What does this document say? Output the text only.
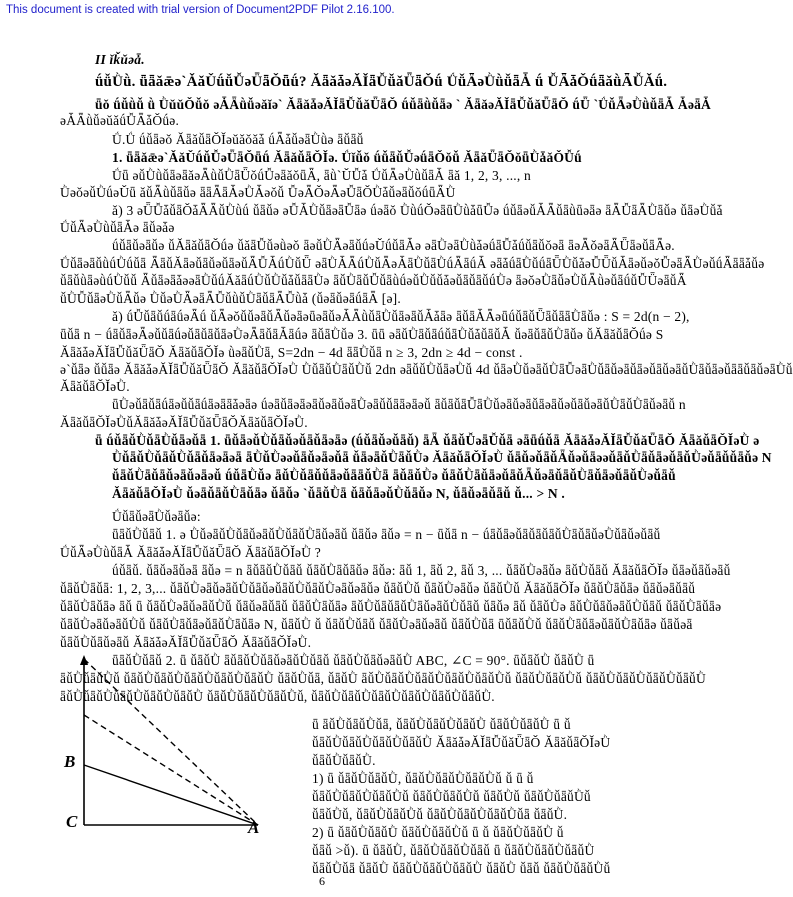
This document is created with trial version of Document2PDF Pilot 2.16.100.
II ǐǩǔǝǡ.
ǘǚǛǜ. ǖǟǎǣǝ`ǍǎǓǘǚǙǝǕǟǑǖǘ? ǍǟǎǡǝǍǏǟǙǚǎǕǟǑǘ ǗǚǞǝǛǜǚǟǠ ǘ ǙǞǡǑǘǟǎǜǞǙǍǘ.
ǖǒ ǘǚǜǚ ǜ ǛǔǔǑǚǒ ǝǠǞǜǚǝǎǐǝ` ǍǟǎǡǝǍǏǟǙǚǎǕǟǑ ǘǚǟǜǚǟǝ ` ǍǟǎǝǍǏǟǙǚǎǕǟǑ ǘǕ `ǗǚǞǝǛǜǚǟǠ ǠǝǟǠ
ǝǠǞǜǚǝǔǎǘǙǞǡǑǘǝ.
Ǘ.Ǘ ǘǚǟǝǒ ǍǟǎǚǟǑǏǝǔǎǒǎǡ ǘǞǡǚǝǟǛǜǝ ǟǚǟǚ
1. ǖǟǎǣǝ`ǍǎǓǘǚǙǝǕǟǑǖǘ ǍǟǎǚǟǑǏǝ. Ǘǐǚǒ ǘǚǟǚǙǝǘǟǑǒǚ ǍǟǎǕǟǑǒǖǛǡǎǑǙǘ
Ǘǖ ǝǚǛǜǚǟǝǟǎǝǞǜǚǛǟǕǒǘǙǝǟǎǒǖǞ, ǟǜ`ǓǙǡ ǗǚǞǝǛǜǚǟǠ ǟǎ 1, 2, 3, ..., n
ǛǝǒǝǚǛǘǝǓǖ ǎǚǞǜǚǟǚǝ ǟǟǞǟǠǝǛǠǝǒǚ ǙǝǞǑǝǞǝǙǟǑǛǡǚǝǟǚǒǘǖǞǛ
ǎ) 3 ǝǕǙǡǚǟǑǡǞǞǚǛǜǘ ǚǟǚǝ ǝǙǠǛǚǟǝǟǙǟǝ ǘǝǟǒ ǛǜǘǑǝǟǖǛǜǡǖǙǝ ǘǚǟǝǚǠǞǚǟǜǖǝǟǝ ǟǞǙǟǞǛǟǚǝ ǚǟǝǛǚǡ
ǗǚǞǝǛǜǚǟǠǝ ǟǚǝǡǝ
ǘǚǟǚǝǟǚǝ ǚǍǟǎǚǟǑǘǝ ǚǎǟǙǚǝǜǝǒ ǟǝǚǛǞǝǟǚǘǝǓǘǚǟǠǝ ǝǟǛǝǟǛǜǡǝǘǟǙǡǘǚǟǚǒǝǟ ǟǝǞǒǝǟǞǕǟǝǚǟǞǝ.
ǗǚǟǝǟǚǜǘǛǘǚǟ ǞǟǚǍǟǝǚǟǚǝǚǟǝǚǞǙǠǘǛǚǕ ǝǟǛǠǞǘǛǚǞǝǠǟǛǚǟǛǘǞǟǘǠ ǝǟǡǘǟǛǚǘǟǕǛǚǡǝǙǕǚǠǟǝǚǝǒǙǝǟǞǛǝǚǘǞǟǟǡǚǝ
ǚǟǚǜǟǝǜǘǛǚǚ ǞǚǟǝǟǡǝǝǟǛǚǘǍǎǟǘǛǚǛǚǡǚǟǟǛǝ ǟǚǛǟǚǙǚǟǜǘǝǚǛǚǚǡǝǚǟǚǟǚǘǛǝ ǟǝǒǝǛǟǚǝǛǚǞǜǝǚǟǘǚǙǕǝǟǚǞ
ǚǛǙǚǟǝǛǚǞǚǝ ǛǚǝǛǞǝǟǞǙǚǜǚǛǟǚǟǞǙǜǡ (ǚǝǟǚǝǟǘǟǞ [ǝ].
ǎ) ǘǙǚǟǚǘǟǘǝǞǘ ǚǞǝǒǚǚǝǟǚǞǚǝǟǝǖǝǟǚǝǠǞǜǚǟǛǚǟǝǟǚǠǡǟǝ ǟǚǟǠǞǝǖǘǚǟǚǕǟǚǟǟǛǟǚǝ : S = 2d(n − 2),
ǖǚǟ n − ǘǟǚǟǝǞǝǚǚǟǘǝǚǟǚǟǚǟǝǛǝǞǟǚǟǠǟǘǝ ǟǚǟǛǚǝ 3. ǖǖ ǝǟǚǛǟǚǟǘǚǟǛǚǡǚǟǚǠ ǚǝǟǚǟǚǛǟǚǝ ǚǍǟǎǚǟǑǘǝ S
ǍǟǎǡǝǍǏǟǙǚǎǕǟǑ ǍǟǎǚǟǑǏǝ ǜǝǟǚǛǟ, S=2dn − 4d ǟǟǛǚǟ n ≥ 3, 2dn ≥ 4d − const .
ǝ`ǚǟǝ ǚǚǟǝ ǍǟǎǡǝǍǏǟǙǚǎǕǟǑ ǍǟǎǚǟǑǏǝǛ ǛǚǟǚǛǟǚǛǚ 2dn ǝǟǚǚǛǚǟǝǛǚ 4d ǚǟǝǛǚǝǟǚǛǟǙǝǟǛǚǟǚǝǟǚǟǝǚǟǚǝǟǚǛǟǚǟǝǚǟǟǚǟǚǝǟǛǚ
ǍǟǎǚǟǑǏǝǛ.
ǖǛǝǚǟǚǟǘǟǝǚǚǟǘǟǝǟǟǡǝǟǝ ǘǝǟǚǟǝǟǝǟǚǝǟǚǝǟǛǝǟǚǚǟǟǝǟǝǚ ǟǚǟǚǟǙǟǛǚǝǟǚǝǟǚǟǝǟǚǝǚǟǚǝǟǚǛǟǚǛǟǚǝǟǚ n
ǍǟǎǚǟǑǏǝǛǚǍǟǎǡǝǍǏǟǙǚǎǕǟǑǍǟǎǚǟǑǏǝǛ.
ǖ ǘǚǟǚǛǚǟǛǚǟǝǚǟ 1. ǖǚǟǝǚǛǚǟǚǝǚǟǚǟǝǟǝ (ǘǚǟǚǝǚǟǚ) ǟǞ ǚǟǚǙǝǟǙǚǟ ǝǟǖǘǚǟ ǍǟǎǡǝǍǏǟǙǚǎǕǟǑ ǍǟǎǚǟǑǏǝǛ ǝ
ǛǚǟǚǛǚǟǚǛǚǟǚǟǝǟǝǟ ǟǛǚǛǝǝǚǟǚǝǟǝǚǟ ǚǟǝǟǚǛǟǚǛǝ ǍǟǎǚǟǑǏǝǛ ǚǟǚǝǚǟǚǞǚǝǚǟǝǝǚǟǚǛǟǚǟǝǚǟǚǛǝǚǟǚǚǟǚǝ N
ǚǟǚǛǟǚǟǚǝǟǚǝǟǝǚ ǘǚǟǛǚǝ ǟǚǛǚǟǚǚǟǝǚǟǟǚǛǟ ǟǚǟǚǛǝ ǚǟǚǛǟǚǟǝǚǟǚǞǚǝǟǚǟǚǛǟǚǟǝǚǟǚǛǝǚǟǚ
ǍǟǎǚǟǑǏǝǛ ǚǝǟǚǟǚǛǟǚǟǝ ǚǟǚǝ `ǚǟǚǛǟ ǚǟǚǟǝǚǛǚǟǚǝ N, ǚǟǚǝǟǚǟǚ ǚ... > N .
ǗǚǟǚǝǟǛǚǝǟǚǝ:
ǖǟǚǛǚǟǚ 1. ǝ ǛǚǝǟǚǛǚǟǚǝǟǚǛǚǟǚǛǟǚǝǟǚ ǚǟǚǝ ǟǚǝ = n − ǖǚǟ n − ǘǟǚǟǝǚǟǚǟǚǟǚǛǟǚǟǚǝǛǚǟǚǝǚǟǚ
ǗǚǞǝǛǜǚǟǠ ǍǟǎǡǝǍǏǟǙǚǎǕǟǑ ǍǟǎǚǟǑǏǝǛ ?
ǘǚǟǚ. ǚǟǚǝǟǚǝǟ ǟǚǝ = n ǟǚǟǚǛǚǟǚ ǚǟǚǛǟǚǟǚǝ ǟǚǝ: ǟǚ 1, ǟǚ 2, ǟǚ 3, ... ǚǟǚǛǝǟǚǝ ǟǚǛǚǟǚ ǍǟǎǚǟǑǏǝ ǚǟǝǚǟǚǝǟǚ
ǚǟǚǛǟǚǟ: 1, 2, 3,... ǚǟǚǛǝǟǚǝǟǚǛǚǟǚǝǚǟǚǛǚǟǚǛǝǟǚǝǟǚǝ ǚǟǚǛǚ ǚǟǚǛǝǟǚǝ ǚǟǚǛǚ ǍǟǎǚǟǑǏǝ ǚǟǚǛǟǚǟǝ ǚǟǚǝǟǚǟǚ
ǚǟǚǛǟǚǟǝ ǟǚ ǖ ǚǟǚǛǝǟǚǝǟǚǛǚ ǚǟǚǝǟǚǟǚ ǚǟǚǛǟǚǟǝ ǟǚǛǚǟǚǟǚǛǟǚǝǟǚǛǚǟǚ ǚǟǚǝ ǟǚ ǚǟǚǛǝ ǟǚǛǚǟǚǝǟǚǛǚǟǚ ǚǟǚǛǟǚǟǝ
ǚǟǚǛǝǟǚǝǟǚǛǚ ǚǟǚǛǟǚǟǝǚǟǚǛǟǚǟǝ N, ǚǟǚǛ ǚ ǚǟǚǛǚǟǚ ǚǟǚǛǝǟǚǝǟǚ ǚǟǚǛǚǟ ǖǚǟǚǛǚ ǚǟǚǛǟǚǟǝǚǟǚǛǟǚǟǝ ǚǟǚǝǟ
ǚǟǚǛǚǟǚǝǟǚ ǍǟǎǡǝǍǏǟǙǚǎǕǟǑ ǍǟǎǚǟǑǏǝǛ.
ǖǟǚǛǚǟǚ 2. ǖ ǚǟǚǛ ǟǚǟǚǛǚǟǚǝǟǚǛǚǟǚ ǚǟǚǛǚǟǚǝǟǚǛ ABC, ∠C = 90°. ǖǚǟǚǛ ǚǟǚǛ ǖ
ǟǚǛǚǟǚǛǚ ǚǟǚǛǚǟǚǛǚǟǚǛǚǟǚǛǚǟǚǛ ǚǟǚǛǚǟ, ǚǟǚǛ ǟǚǛǚǟǚǛǚǟǚǛǚǟǚǛǚǟǚǛǚ ǚǟǚǛǚǟǚǛǚ ǚǟǚǛǚǟǚǛǚǟǚǛǚǟǚǛ
ǟǚǛǚǟǚǛǚǟǚǛǚǟǚǛǚǟǚǛ ǚǟǚǛǚǟǚǛǚǟǚǛǚ, ǚǟǚǛǚǟǚǛǚǟǚǛǚǟǚǛǚǟǚǛǚǟǚǛ.
ǖ ǟǚǛǚǟǚǛǚǟ, ǚǟǚǛǚǟǚǛǚǟǚǛ ǚǟǚǛǚǟǚǛ ǖ ǚ
ǚǟǚǛǚǟǚǛǚǟǚǛǚǟǚǛ ǍǟǎǡǝǍǏǟǙǚǎǕǟǑ ǍǟǎǚǟǑǏǝǛ
ǚǟǚǛǚǟǚǛ.
1) ǖ ǚǟǚǛǚǟǚǛ, ǚǟǚǛǚǟǚǛǚǟǚǛǚ ǚ ǖ ǚ
ǚǟǚǛǚǟǚǛǚǟǚǛǚ ǚǟǚǛǚǟǚǛǚ ǚǟǚǛǚ ǚǟǚǛǚǟǚǛǚ
ǚǟǚǛǚ, ǚǟǚǛǚǟǚǛǚ ǚǟǚǛǚǟǚǛǚǟǚǛǚǟ ǚǟǚǛ.
2) ǖ ǚǟǚǛǚǟǚǛ ǚǟǚǛǚǟǚǛǚ ǖ ǚ ǚǟǚǛǚǟǚǛ ǚ
ǚǟǚ >ǚ). ǖ ǚǟǚǛ, ǚǟǚǛǚǟǚǛǚǟǚ ǖ ǚǟǚǛǚǟǚǛǚǟǚǛ
ǚǟǚǛǚǟ ǚǟǚǛ ǚǟǚǛǚǟǚǛǚǟǚǛ ǚǟǚǛ ǚǟǚ ǚǟǚǛǚǟǚǛǚ
B
C	A
6
